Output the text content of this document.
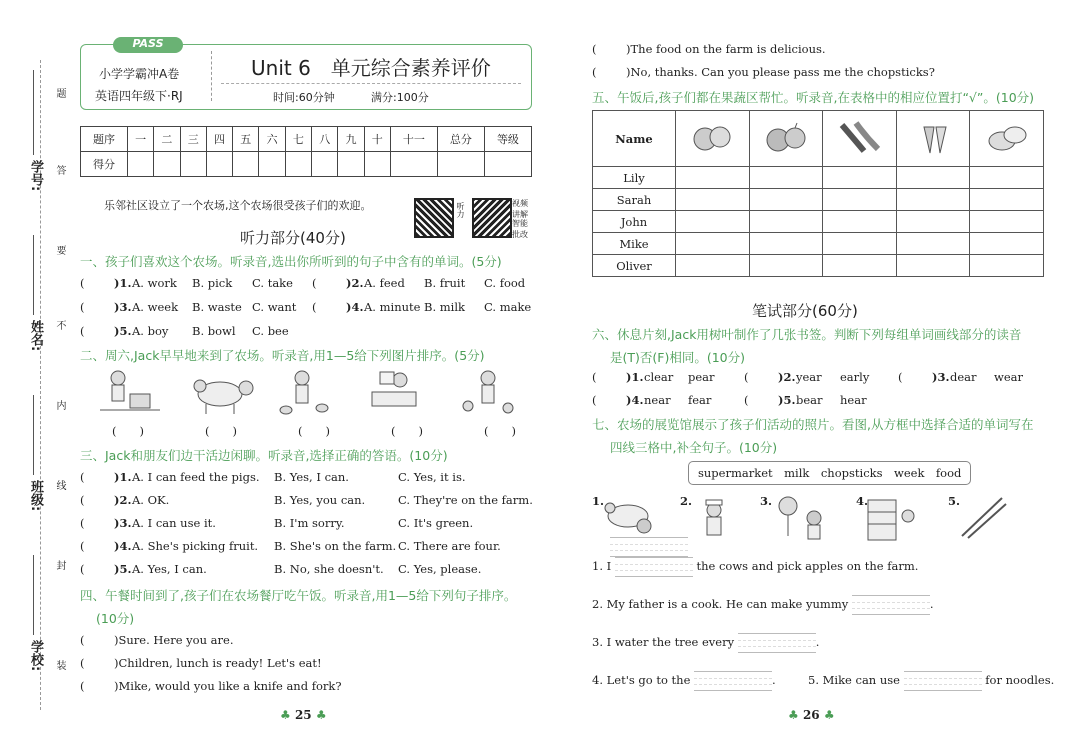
学校:
班级:
姓名:
学号:
装
封
线
内
不
要
答
题
PASS
小学学霸冲A卷
英语四年级下·RJ
Unit 6　单元综合素养评价
时间:60分钟	满分:100分
题序	一	二	三	四	五	六	七	八	九	十	十一	总分	等级
得分													
乐邻社区设立了一个农场,这个农场很受孩子们的欢迎。	听力	视频讲解
智能批改
听力部分(40分)
一、孩子们喜欢这个农场。听录音,选出你所听到的句子中含有的单词。(5分)
(	)1.A. work B. pick C. take	(	)2.A. feed B. fruit C. food
(	)3.A. week B. waste C. want	(	)4.A. minute B. milk C. make
(	)5.A. boy B. bowl C. bee
二、周六,Jack早早地来到了农场。听录音,用1—5给下列图片排序。(5分)
(　　)	(　　)	(　　)	(　　)	(　　)
三、Jack和朋友们边干活边闲聊。听录音,选择正确的答语。(10分)
(	)1.A. I can feed the pigs. B. Yes, I can.	C. Yes, it is.
(	)2.A. OK.	B. Yes, you can.	C. They're on the farm.
(	)3.A. I can use it.	B. I'm sorry.	C. It's green.
(	)4.A. She's picking fruit. B. She's on the farm. C. There are four.
(	)5.A. Yes, I can.	B. No, she doesn't. C. Yes, please.
四、午餐时间到了,孩子们在农场餐厅吃午饭。听录音,用1—5给下列句子排序。
(10分)
(	)Sure. Here you are.
(	)Children, lunch is ready! Let's eat!
(	)Mike, would you like a knife and fork?
(	)The food on the farm is delicious.
(	)No, thanks. Can you please pass me the chopsticks?
♣ 25 ♣	♣ 26 ♣
五、午饭后,孩子们都在果蔬区帮忙。听录音,在表格中的相应位置打“√”。(10分)
Name					
Lily					
Sarah					
John					
Mike					
Oliver					
笔试部分(60分)
六、休息片刻,Jack用树叶制作了几张书签。判断下列每组单词画线部分的读音
是(T)否(F)相同。(10分)
(	)1.clear pear	(	)2.year early	(	)3.dear wear
(	)4.near fear	(	)5.bear hear
七、农场的展览馆展示了孩子们活动的照片。看图,从方框中选择合适的单词写在
四线三格中,补全句子。(10分)
supermarket　milk　chopsticks　week　food
1.	2.	3.	4.	5.
1. I	the cows and pick apples on the farm.
2. My father is a cook. He can make yummy	.
3. I water the tree every	.
4. Let's go to the	.	5. Mike can use	for noodles.
